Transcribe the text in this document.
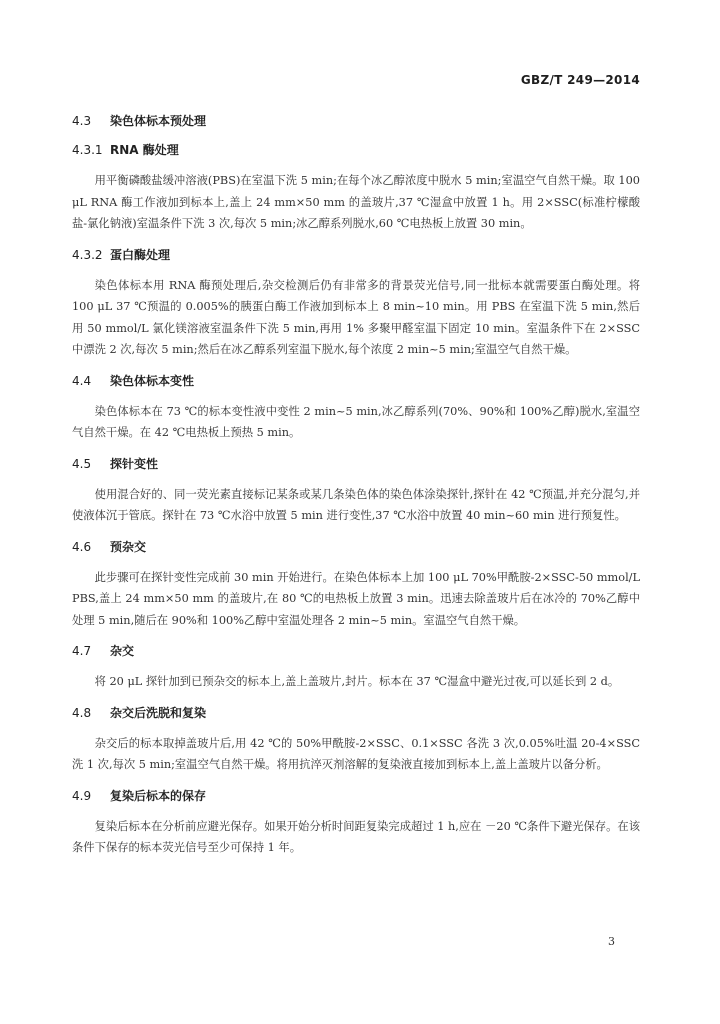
GBZ/T 249—2014
4.3 染色体标本预处理
4.3.1 RNA 酶处理

用平衡磷酸盐缓冲溶液(PBS)在室温下洗 5 min;在每个冰乙醇浓度中脱水 5 min;室温空气自然干燥。取 100 μL RNA 酶工作液加到标本上,盖上 24 mm×50 mm 的盖玻片,37 ℃湿盒中放置 1 h。用 2×SSC(标准柠檬酸盐-氯化钠液)室温条件下洗 3 次,每次 5 min;冰乙醇系列脱水,60 ℃电热板上放置 30 min。

4.3.2 蛋白酶处理

染色体标本用 RNA 酶预处理后,杂交检测后仍有非常多的背景荧光信号,同一批标本就需要蛋白酶处理。将 100 μL 37 ℃预温的 0.005%的胰蛋白酶工作液加到标本上 8 min~10 min。用 PBS 在室温下洗 5 min,然后用 50 mmol/L 氯化镁溶液室温条件下洗 5 min,再用 1% 多聚甲醛室温下固定 10 min。室温条件下在 2×SSC 中漂洗 2 次,每次 5 min;然后在冰乙醇系列室温下脱水,每个浓度 2 min~5 min;室温空气自然干燥。

4.4 染色体标本变性

染色体标本在 73 ℃的标本变性液中变性 2 min~5 min,冰乙醇系列(70%、90%和 100%乙醇)脱水,室温空气自然干燥。在 42 ℃电热板上预热 5 min。

4.5 探针变性

使用混合好的、同一荧光素直接标记某条或某几条染色体的染色体涂染探针,探针在 42 ℃预温,并充分混匀,并使液体沉于管底。探针在 73 ℃水浴中放置 5 min 进行变性,37 ℃水浴中放置 40 min~60 min 进行预复性。

4.6 预杂交

此步骤可在探针变性完成前 30 min 开始进行。在染色体标本上加 100 μL 70%甲酰胺-2×SSC-50 mmol/L PBS,盖上 24 mm×50 mm 的盖玻片,在 80 ℃的电热板上放置 3 min。迅速去除盖玻片后在冰冷的 70%乙醇中处理 5 min,随后在 90%和 100%乙醇中室温处理各 2 min~5 min。室温空气自然干燥。

4.7 杂交

将 20 μL 探针加到已预杂交的标本上,盖上盖玻片,封片。标本在 37 ℃湿盒中避光过夜,可以延长到 2 d。

4.8 杂交后洗脱和复染

杂交后的标本取掉盖玻片后,用 42 ℃的 50%甲酰胺-2×SSC、0.1×SSC 各洗 3 次,0.05%吐温 20-4×SSC 洗 1 次,每次 5 min;室温空气自然干燥。将用抗淬灭剂溶解的复染液直接加到标本上,盖上盖玻片以备分析。

4.9 复染后标本的保存

复染后标本在分析前应避光保存。如果开始分析时间距复染完成超过 1 h,应在 －20 ℃条件下避光保存。在该条件下保存的标本荧光信号至少可保持 1 年。

3
